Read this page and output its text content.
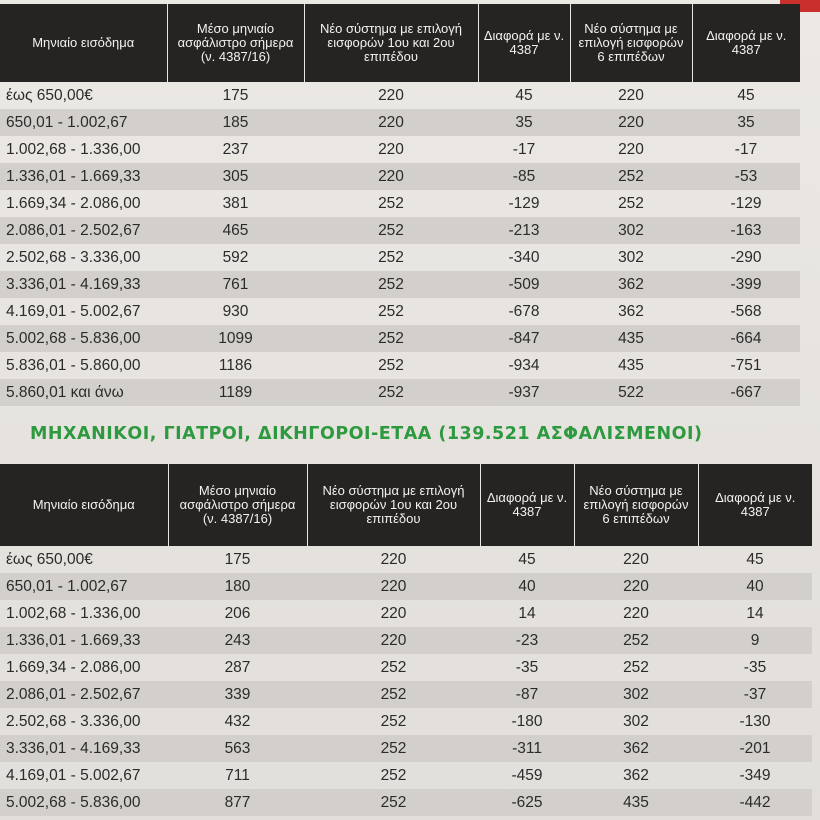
Μηνιαίο εισόδημα	Μέσο μηνιαίο ασφάλιστρο σήμερα (ν. 4387/16)	Νέο σύστημα με επιλογή εισφορών 1ου και 2ου επιπέδου	Διαφορά με ν. 4387	Νέο σύστημα με επιλογή εισφορών 6 επιπέδων	Διαφορά με ν. 4387
έως 650,00€	175	220	45	220	45
650,01 - 1.002,67	185	220	35	220	35
1.002,68 - 1.336,00	237	220	-17	220	-17
1.336,01 - 1.669,33	305	220	-85	252	-53
1.669,34 - 2.086,00	381	252	-129	252	-129
2.086,01 - 2.502,67	465	252	-213	302	-163
2.502,68 - 3.336,00	592	252	-340	302	-290
3.336,01 - 4.169,33	761	252	-509	362	-399
4.169,01 - 5.002,67	930	252	-678	362	-568
5.002,68 - 5.836,00	1099	252	-847	435	-664
5.836,01 - 5.860,00	1186	252	-934	435	-751
5.860,01 και άνω	1189	252	-937	522	-667
ΜΗΧΑΝΙΚΟΙ, ΓΙΑΤΡΟΙ, ΔΙΚΗΓΟΡΟΙ-ΕΤΑΑ (139.521 ΑΣΦΑΛΙΣΜΕΝΟΙ)
Μηνιαίο εισόδημα	Μέσο μηνιαίο ασφάλιστρο σήμερα (ν. 4387/16)	Νέο σύστημα με επιλογή εισφορών 1ου και 2ου επιπέδου	Διαφορά με ν. 4387	Νέο σύστημα με επιλογή εισφορών 6 επιπέδων	Διαφορά με ν. 4387
έως 650,00€	175	220	45	220	45
650,01 - 1.002,67	180	220	40	220	40
1.002,68 - 1.336,00	206	220	14	220	14
1.336,01 - 1.669,33	243	220	-23	252	9
1.669,34 - 2.086,00	287	252	-35	252	-35
2.086,01 - 2.502,67	339	252	-87	302	-37
2.502,68 - 3.336,00	432	252	-180	302	-130
3.336,01 - 4.169,33	563	252	-311	362	-201
4.169,01 - 5.002,67	711	252	-459	362	-349
5.002,68 - 5.836,00	877	252	-625	435	-442
